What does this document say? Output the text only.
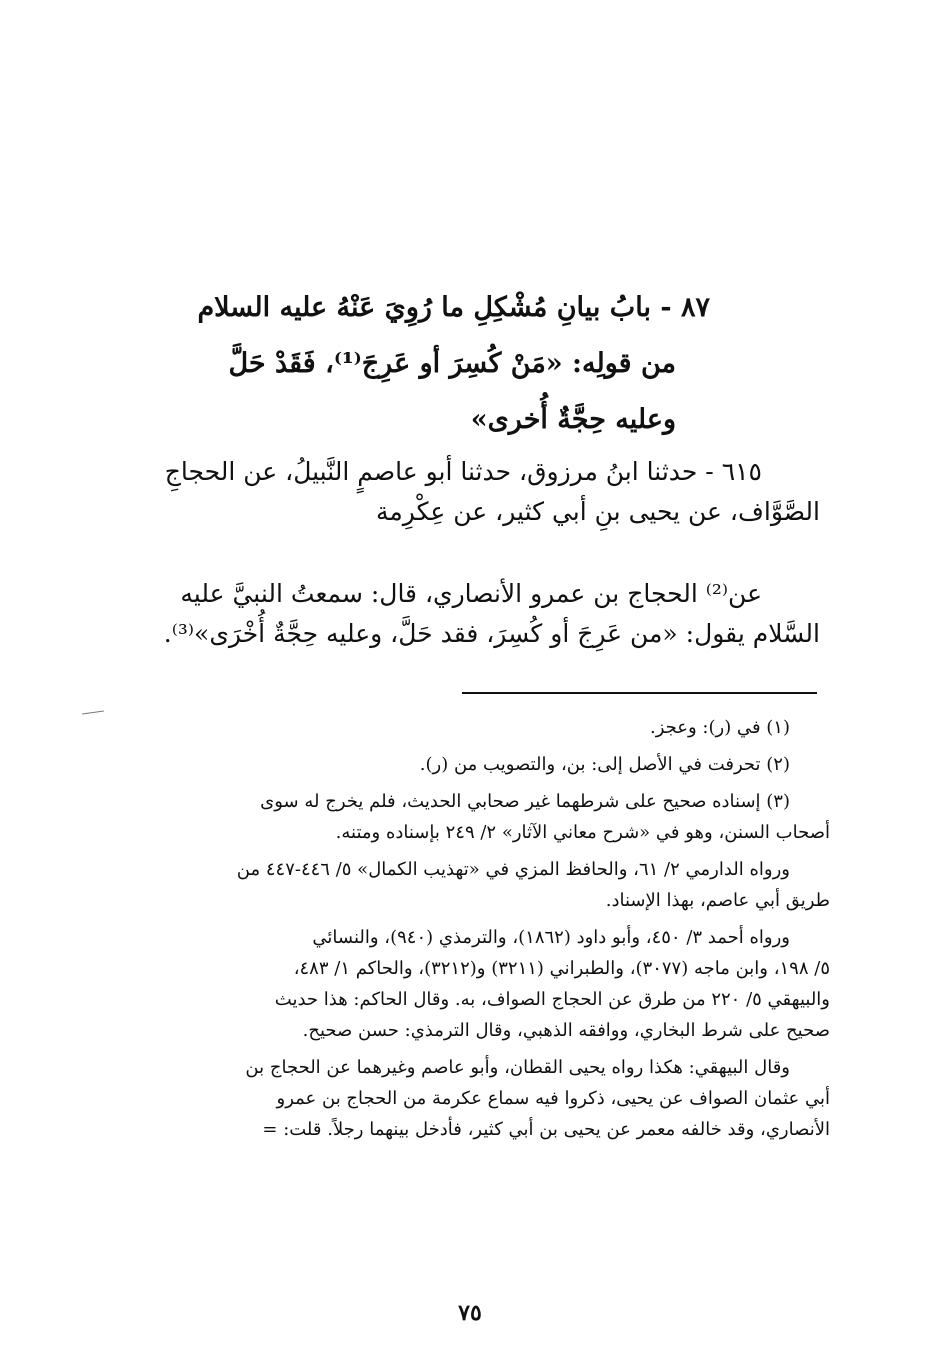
٨٧ - بابُ بيانِ مُشْكِلِ ما رُوِيَ عَنْهُ عليه السلام
من قولِه: «مَنْ كُسِرَ أو عَرِجَ⁽¹⁾، فَقَدْ حَلَّ
وعليه حِجَّةٌ أُخرى»
٦١٥ - حدثنا ابنُ مرزوق، حدثنا أبو عاصمٍ النَّبيلُ، عن الحجاجِ
الصَّوَّاف، عن يحيى بنِ أبي كثير، عن عِكْرِمة
عن⁽²⁾ الحجاج بن عمرو الأنصاري، قال: سمعتُ النبيَّ عليه
السَّلام يقول: «من عَرِجَ أو كُسِرَ، فقد حَلَّ، وعليه حِجَّةٌ أُخْرَى»⁽³⁾.
(١) في (ر): وعجز.
(٢) تحرفت في الأصل إلى: بن، والتصويب من (ر).
(٣) إسناده صحيح على شرطهما غير صحابي الحديث، فلم يخرج له سوى
أصحاب السنن، وهو في «شرح معاني الآثار» ٢/ ٢٤٩ بإسناده ومتنه.
ورواه الدارمي ٢/ ٦١، والحافظ المزي في «تهذيب الكمال» ٥/ ٤٤٦-٤٤٧ من
طريق أبي عاصم، بهذا الإسناد.
ورواه أحمد ٣/ ٤٥٠، وأبو داود (١٨٦٢)، والترمذي (٩٤٠)، والنسائي
٥/ ١٩٨، وابن ماجه (٣٠٧٧)، والطبراني (٣٢١١) و(٣٢١٢)، والحاكم ١/ ٤٨٣،
والبيهقي ٥/ ٢٢٠ من طرق عن الحجاج الصواف، به. وقال الحاكم: هذا حديث
صحيح على شرط البخاري، ووافقه الذهبي، وقال الترمذي: حسن صحيح.
وقال البيهقي: هكذا رواه يحيى القطان، وأبو عاصم وغيرهما عن الحجاج بن
أبي عثمان الصواف عن يحيى، ذكروا فيه سماع عكرمة من الحجاج بن عمرو
الأنصاري، وقد خالفه معمر عن يحيى بن أبي كثير، فأدخل بينهما رجلاً. قلت: =
٧٥
